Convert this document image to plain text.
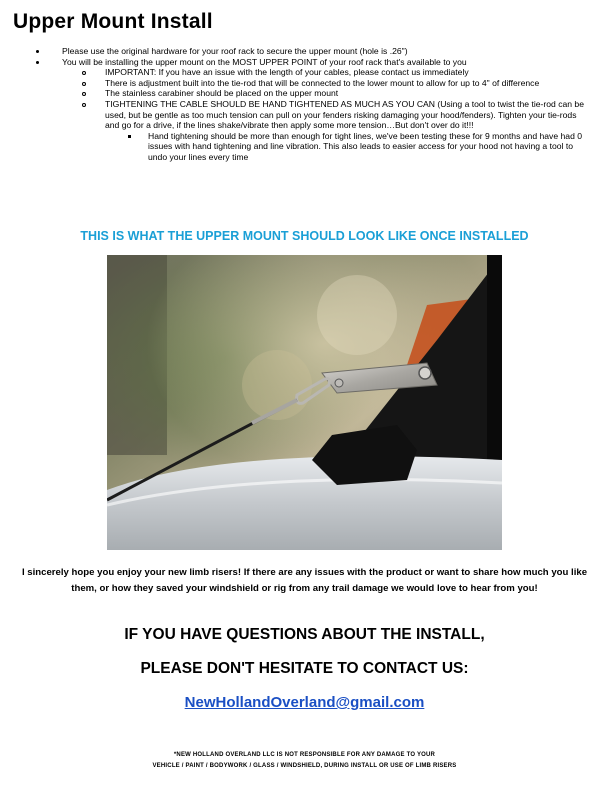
Upper Mount Install
Please use the original hardware for your roof rack to secure the upper mount (hole is .26")
You will be installing the upper mount on the MOST UPPER POINT of your roof rack that's available to you
IMPORTANT: If you have an issue with the length of your cables, please contact us immediately
There is adjustment built into the tie-rod that will be connected to the lower mount to allow for up to 4" of difference
The stainless carabiner should be placed on the upper mount
TIGHTENING THE CABLE SHOULD BE HAND TIGHTENED AS MUCH AS YOU CAN (Using a tool to twist the tie-rod can be used, but be gentle as too much tension can pull on your fenders risking damaging your hood/fenders). Tighten your tie-rods and go for a drive, if the lines shake/vibrate then apply some more tension…But don't over do it!!!
Hand tightening should be more than enough for tight lines, we've been testing these for 9 months and have had 0 issues with hand tightening and line vibration. This also leads to easier access for your hood not having a tool to undo your lines every time
THIS IS WHAT THE UPPER MOUNT SHOULD LOOK LIKE ONCE INSTALLED

I sincerely hope you enjoy your new limb risers! If there are any issues with the product or want to share how much you like them, or how they saved your windshield or rig from any trail damage we would love to hear from you!

IF YOU HAVE QUESTIONS ABOUT THE INSTALL,

PLEASE DON'T HESITATE TO CONTACT US:

NewHollandOverland@gmail.com

*NEW HOLLAND OVERLAND LLC IS NOT RESPONSIBLE FOR ANY DAMAGE TO YOUR

VEHICLE / PAINT / BODYWORK / GLASS / WINDSHIELD, DURING INSTALL OR USE OF LIMB RISERS
